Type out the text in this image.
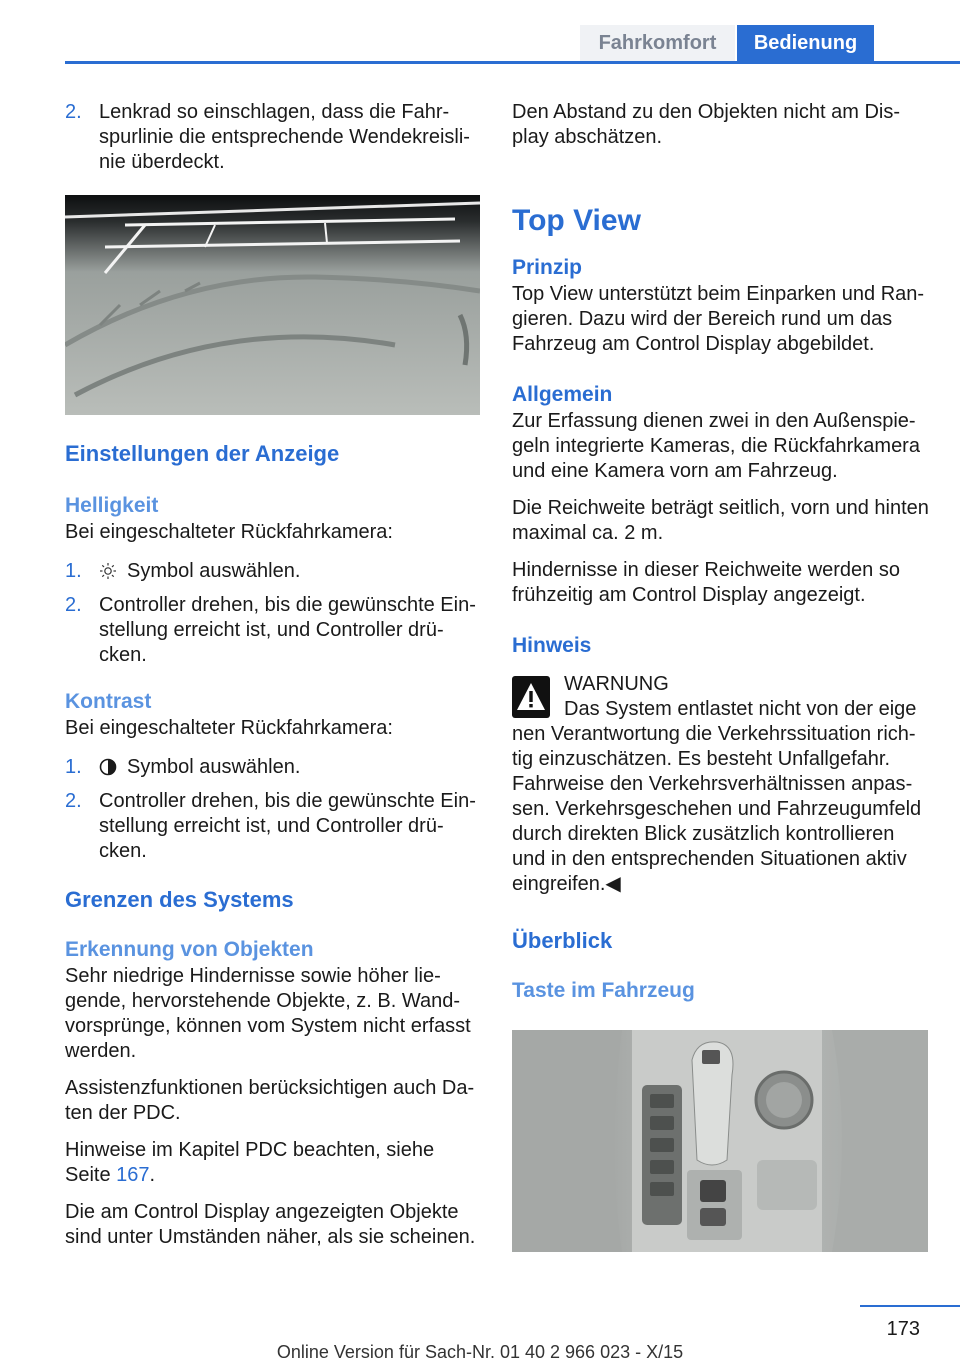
Fahrkomfort	Bedienung
2. Lenkrad so einschlagen, dass die Fahrspurlinie die entsprechende Wendekreislinie überdeckt.
Einstellungen der Anzeige
Helligkeit

Bei eingeschalteter Rückfahrkamera:

1. Symbol auswählen.
2. Controller drehen, bis die gewünschte Einstellung erreicht ist, und Controller drücken.
Kontrast

Bei eingeschalteter Rückfahrkamera:

1. Symbol auswählen.
2. Controller drehen, bis die gewünschte Einstellung erreicht ist, und Controller drücken.
Grenzen des Systems
Erkennung von Objekten

Sehr niedrige Hindernisse sowie höher liegende, hervorstehende Objekte, z. B. Wandvorsprünge, können vom System nicht erfasst werden.

Assistenzfunktionen berücksichtigen auch Daten der PDC.

Hinweise im Kapitel PDC beachten, siehe Seite 167.

Die am Control Display angezeigten Objekte sind unter Umständen näher, als sie scheinen.

Den Abstand zu den Objekten nicht am Display abschätzen.

Top View
Prinzip

Top View unterstützt beim Einparken und Rangieren. Dazu wird der Bereich rund um das Fahrzeug am Control Display abgebildet.

Allgemein

Zur Erfassung dienen zwei in den Außenspiegeln integrierte Kameras, die Rückfahrkamera und eine Kamera vorn am Fahrzeug.

Die Reichweite beträgt seitlich, vorn und hinten maximal ca. 2 m.

Hindernisse in dieser Reichweite werden so frühzeitig am Control Display angezeigt.

Hinweis
WARNUNG
Das System entlastet nicht von der eige

nen Verantwortung die Verkehrssituation richtig einzuschätzen. Es besteht Unfallgefahr. Fahrweise den Verkehrsverhältnissen anpassen. Verkehrsgeschehen und Fahrzeugumfeld durch direkten Blick zusätzlich kontrollieren und in den entsprechenden Situationen aktiv eingreifen.◀

Überblick
Taste im Fahrzeug
173
Online Version für Sach-Nr. 01 40 2 966 023 - X/15
